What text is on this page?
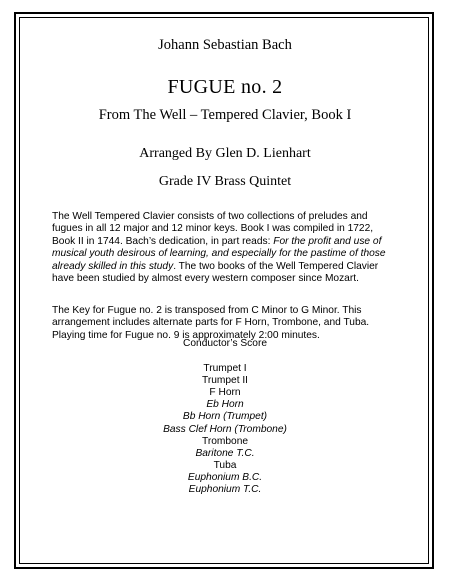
Johann Sebastian Bach
FUGUE no. 2
From The Well – Tempered Clavier, Book I
Arranged By Glen D. Lienhart
Grade IV Brass Quintet
The Well Tempered Clavier consists of two collections of preludes and fugues in all 12 major and 12 minor keys. Book I was compiled in 1722, Book II in 1744. Bach’s dedication, in part reads: For the profit and use of musical youth desirous of learning, and especially for the pastime of those already skilled in this study. The two books of the Well Tempered Clavier have been studied by almost every western composer since Mozart.
The Key for Fugue no. 2 is transposed from C Minor to G Minor. This arrangement includes alternate parts for F Horn, Trombone, and Tuba. Playing time for Fugue no. 9 is approximately 2:00 minutes.
Conductor’s Score
Trumpet I
Trumpet II
F Horn
Eb Horn
Bb Horn (Trumpet)
Bass Clef Horn (Trombone)
Trombone
Baritone T.C.
Tuba
Euphonium B.C.
Euphonium T.C.
